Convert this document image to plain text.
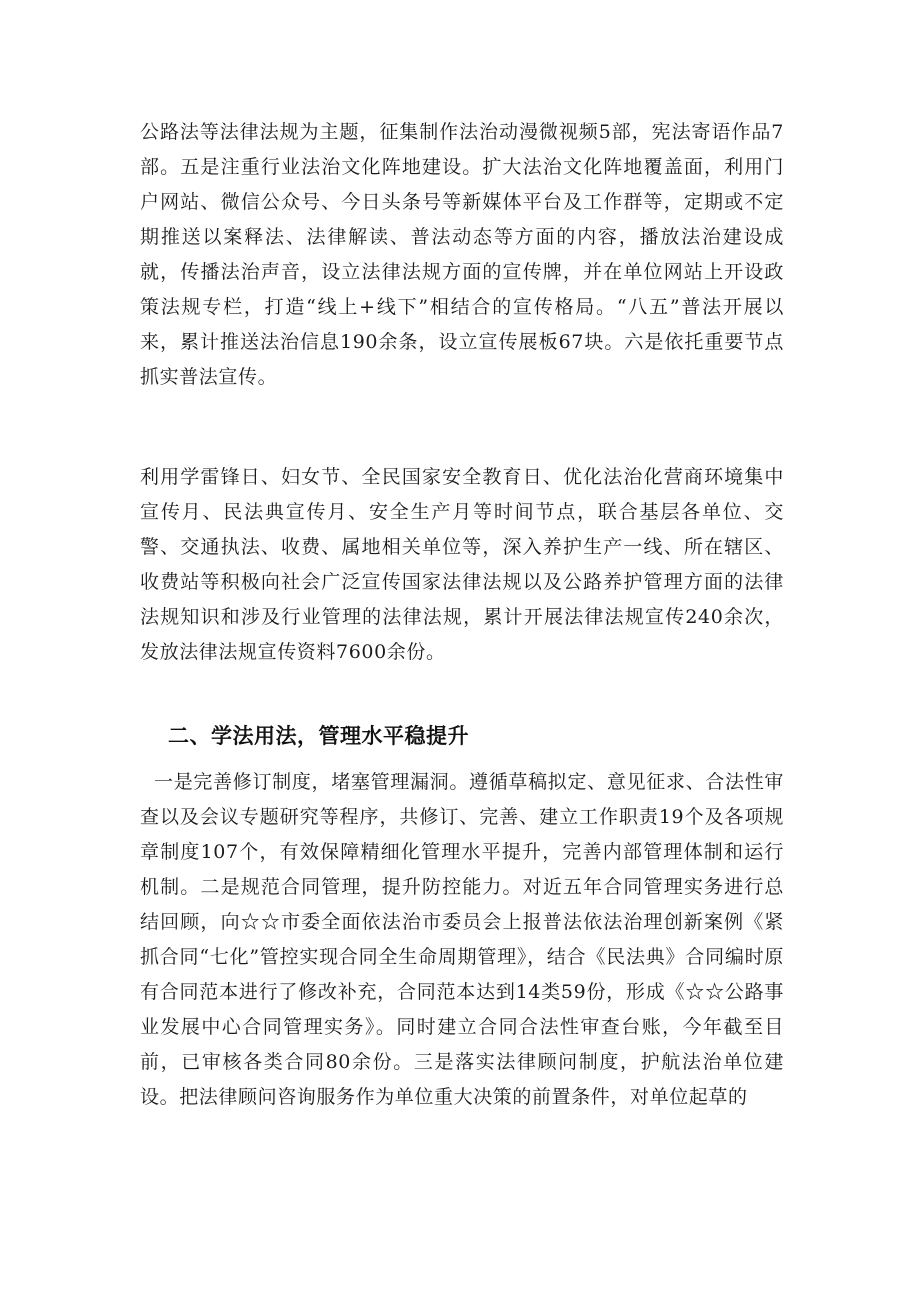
公路法等法律法规为主题，征集制作法治动漫微视频5部，宪法寄语作品7部。五是注重行业法治文化阵地建设。扩大法治文化阵地覆盖面，利用门户网站、微信公众号、今日头条号等新媒体平台及工作群等，定期或不定期推送以案释法、法律解读、普法动态等方面的内容，播放法治建设成就，传播法治声音，设立法律法规方面的宣传牌，并在单位网站上开设政策法规专栏，打造“线上+线下”相结合的宣传格局。“八五”普法开展以来，累计推送法治信息190余条，设立宣传展板67块。六是依托重要节点抓实普法宣传。

利用学雷锋日、妇女节、全民国家安全教育日、优化法治化营商环境集中宣传月、民法典宣传月、安全生产月等时间节点，联合基层各单位、交警、交通执法、收费、属地相关单位等，深入养护生产一线、所在辖区、收费站等积极向社会广泛宣传国家法律法规以及公路养护管理方面的法律法规知识和涉及行业管理的法律法规，累计开展法律法规宣传240余次，发放法律法规宣传资料7600余份。

二、学法用法，管理水平稳提升

一是完善修订制度，堵塞管理漏洞。遵循草稿拟定、意见征求、合法性审查以及会议专题研究等程序，共修订、完善、建立工作职责19个及各项规章制度107个，有效保障精细化管理水平提升，完善内部管理体制和运行机制。二是规范合同管理，提升防控能力。对近五年合同管理实务进行总结回顾，向☆☆市委全面依法治市委员会上报普法依法治理创新案例《紧抓合同“七化”管控实现合同全生命周期管理》，结合《民法典》合同编时原有合同范本进行了修改补充，合同范本达到14类59份，形成《☆☆公路事业发展中心合同管理实务》。同时建立合同合法性审查台账，今年截至目前，已审核各类合同80余份。三是落实法律顾问制度，护航法治单位建设。把法律顾问咨询服务作为单位重大决策的前置条件，对单位起草的
